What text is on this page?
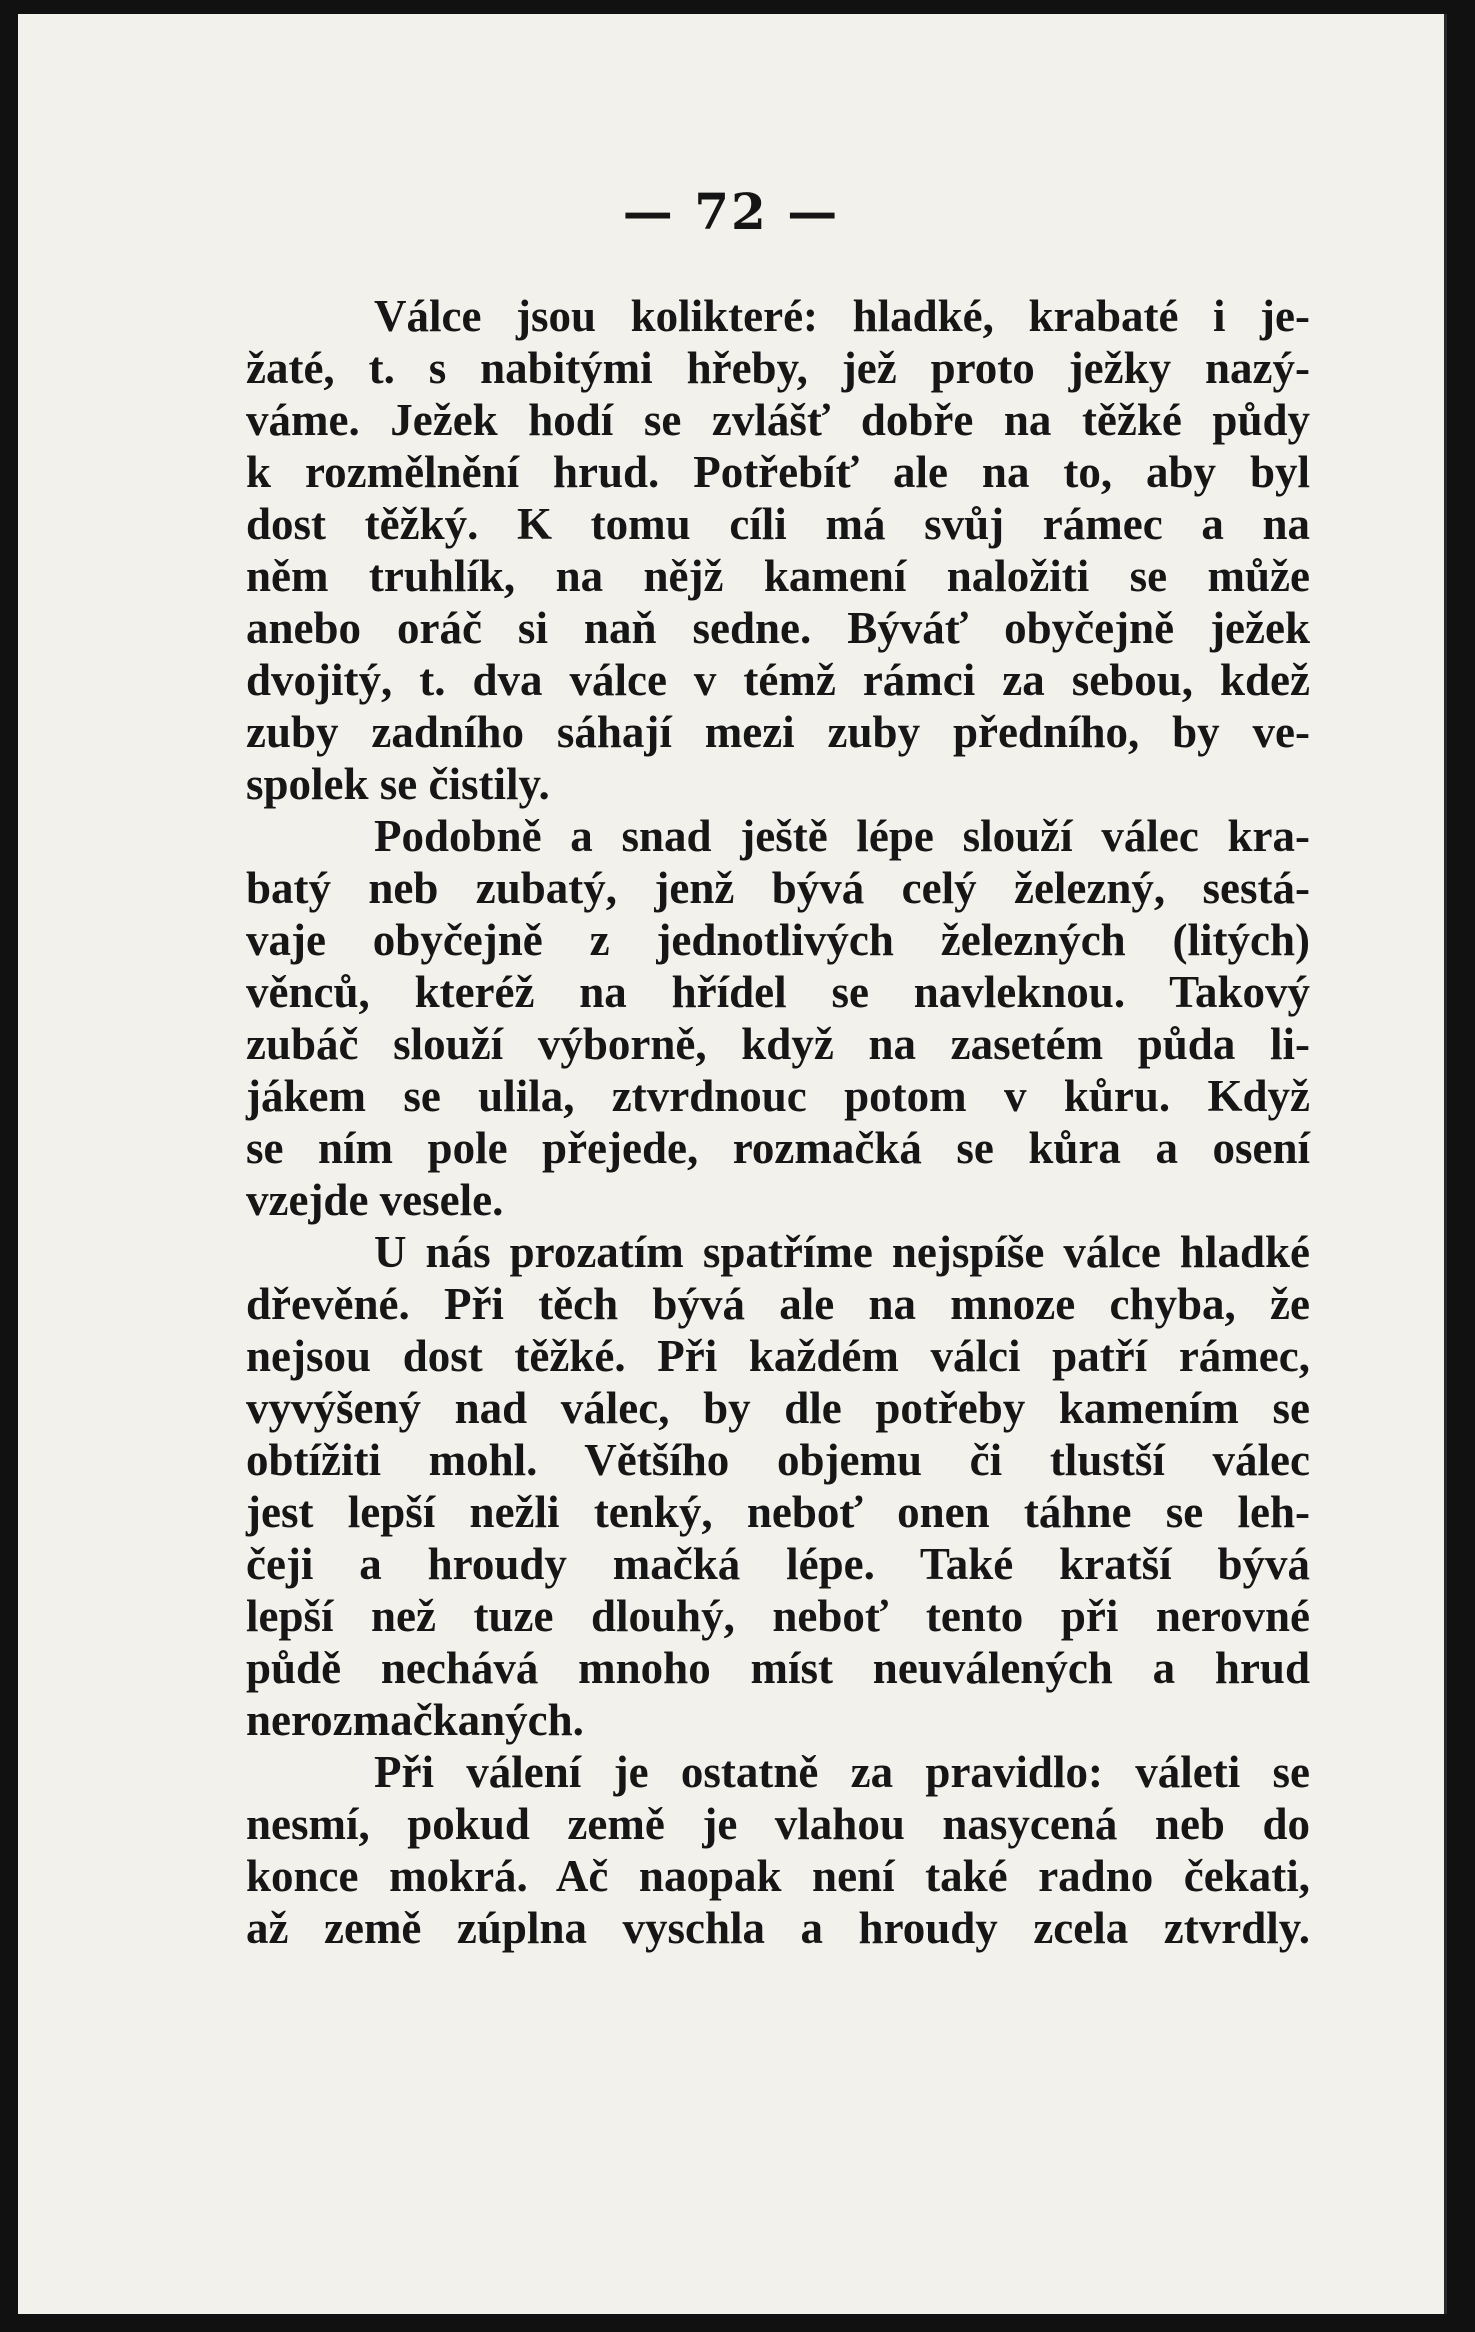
— 72 —
Válce jsou kolikteré: hladké, krabaté i je-
žaté, t. s nabitými hřeby, jež proto ježky nazý-
váme. Ježek hodí se zvlášť dobře na těžké půdy
k rozmělnění hrud. Potřebíť ale na to, aby byl
dost těžký. K tomu cíli má svůj rámec a na
něm truhlík, na nějž kamení naložiti se může
anebo oráč si naň sedne. Býváť obyčejně ježek
dvojitý, t. dva válce v témž rámci za sebou, kdež
zuby zadního sáhají mezi zuby předního, by ve-
spolek se čistily.
Podobně a snad ještě lépe slouží válec kra-
batý neb zubatý, jenž bývá celý železný, sestá-
vaje obyčejně z jednotlivých železných (litých)
věnců, kteréž na hřídel se navleknou. Takový
zubáč slouží výborně, když na zasetém půda li-
jákem se ulila, ztvrdnouc potom v kůru. Když
se ním pole přejede, rozmačká se kůra a osení
vzejde vesele.
U nás prozatím spatříme nejspíše válce hladké
dřevěné. Při těch bývá ale na mnoze chyba, že
nejsou dost těžké. Při každém válci patří rámec,
vyvýšený nad válec, by dle potřeby kamením se
obtížiti mohl. Většího objemu či tlustší válec
jest lepší nežli tenký, neboť onen táhne se leh-
čeji a hroudy mačká lépe. Také kratší bývá
lepší než tuze dlouhý, neboť tento při nerovné
půdě nechává mnoho míst neuválených a hrud
nerozmačkaných.
Při válení je ostatně za pravidlo: váleti se
nesmí, pokud země je vlahou nasycená neb do
konce mokrá. Ač naopak není také radno čekati,
až země zúplna vyschla a hroudy zcela ztvrdly.
